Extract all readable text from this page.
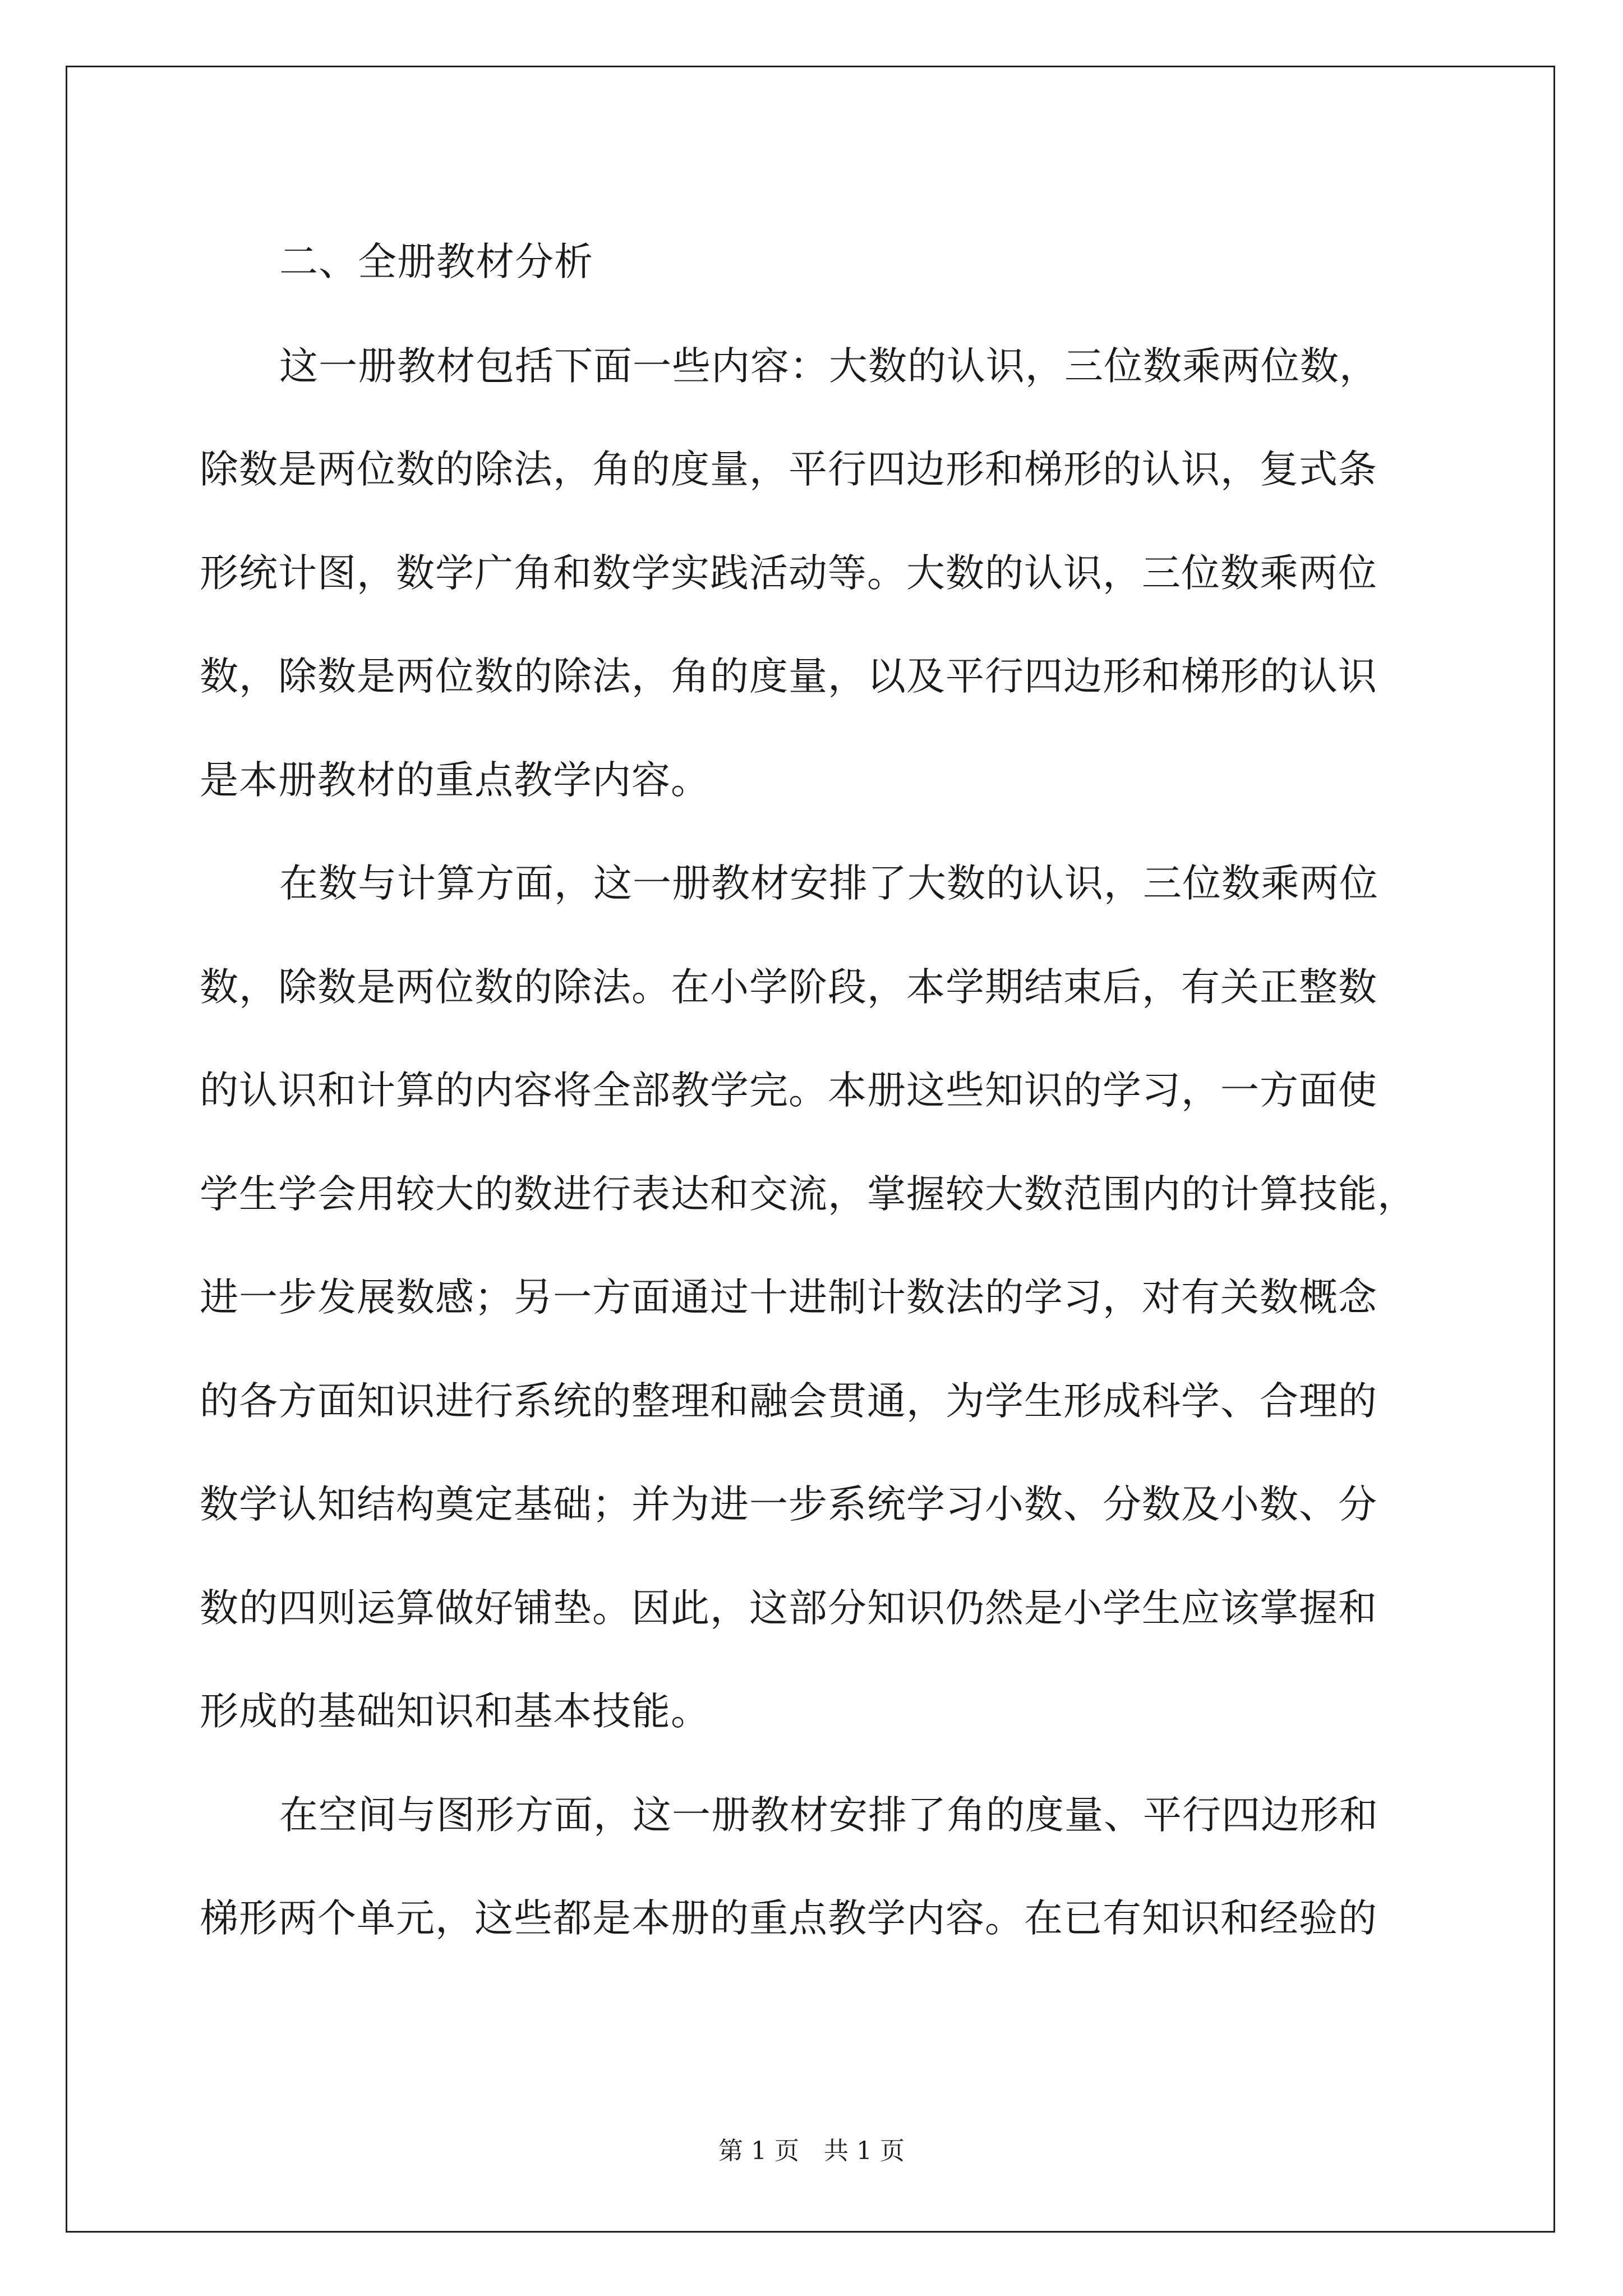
二、全册教材分析
这一册教材包括下面一些内容：大数的认识，三位数乘两位数，
除数是两位数的除法，角的度量，平行四边形和梯形的认识，复式条
形统计图，数学广角和数学实践活动等。大数的认识，三位数乘两位
数，除数是两位数的除法，角的度量，以及平行四边形和梯形的认识
是本册教材的重点教学内容。
在数与计算方面，这一册教材安排了大数的认识，三位数乘两位
数，除数是两位数的除法。在小学阶段，本学期结束后，有关正整数
的认识和计算的内容将全部教学完。本册这些知识的学习，一方面使
学生学会用较大的数进行表达和交流，掌握较大数范围内的计算技能，
进一步发展数感；另一方面通过十进制计数法的学习，对有关数概念
的各方面知识进行系统的整理和融会贯通，为学生形成科学、合理的
数学认知结构奠定基础；并为进一步系统学习小数、分数及小数、分
数的四则运算做好铺垫。因此，这部分知识仍然是小学生应该掌握和
形成的基础知识和基本技能。
在空间与图形方面，这一册教材安排了角的度量、平行四边形和
梯形两个单元，这些都是本册的重点教学内容。在已有知识和经验的
第 1 页　共 1 页
